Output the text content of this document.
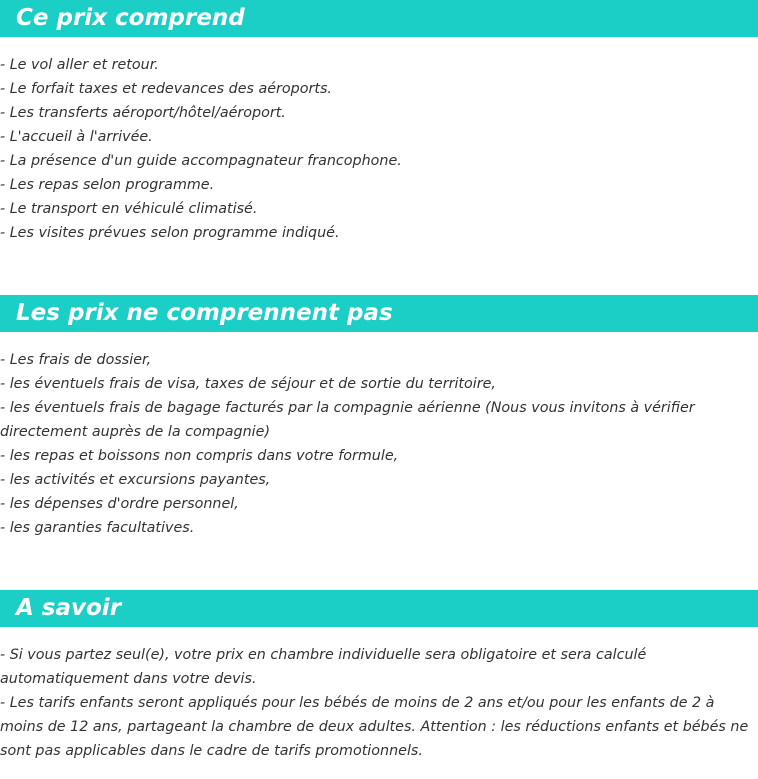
Ce prix comprend
- Le vol aller et retour.
- Le forfait taxes et redevances des aéroports.
- Les transferts aéroport/hôtel/aéroport.
- L'accueil à l'arrivée.
- La présence d'un guide accompagnateur francophone.
- Les repas selon programme.
- Le transport en véhiculé climatisé.
- Les visites prévues selon programme indiqué.
Les prix ne comprennent pas
- Les frais de dossier,
- les éventuels frais de visa, taxes de séjour et de sortie du territoire,
- les éventuels frais de bagage facturés par la compagnie aérienne (Nous vous invitons à vérifier directement auprès de la compagnie)
- les repas et boissons non compris dans votre formule,
- les activités et excursions payantes,
- les dépenses d'ordre personnel,
- les garanties facultatives.
A savoir
- Si vous partez seul(e), votre prix en chambre individuelle sera obligatoire et sera calculé automatiquement dans votre devis.
- Les tarifs enfants seront appliqués pour les bébés de moins de 2 ans et/ou pour les enfants de 2 à moins de 12 ans, partageant la chambre de deux adultes. Attention : les réductions enfants et bébés ne sont pas applicables dans le cadre de tarifs promotionnels.
